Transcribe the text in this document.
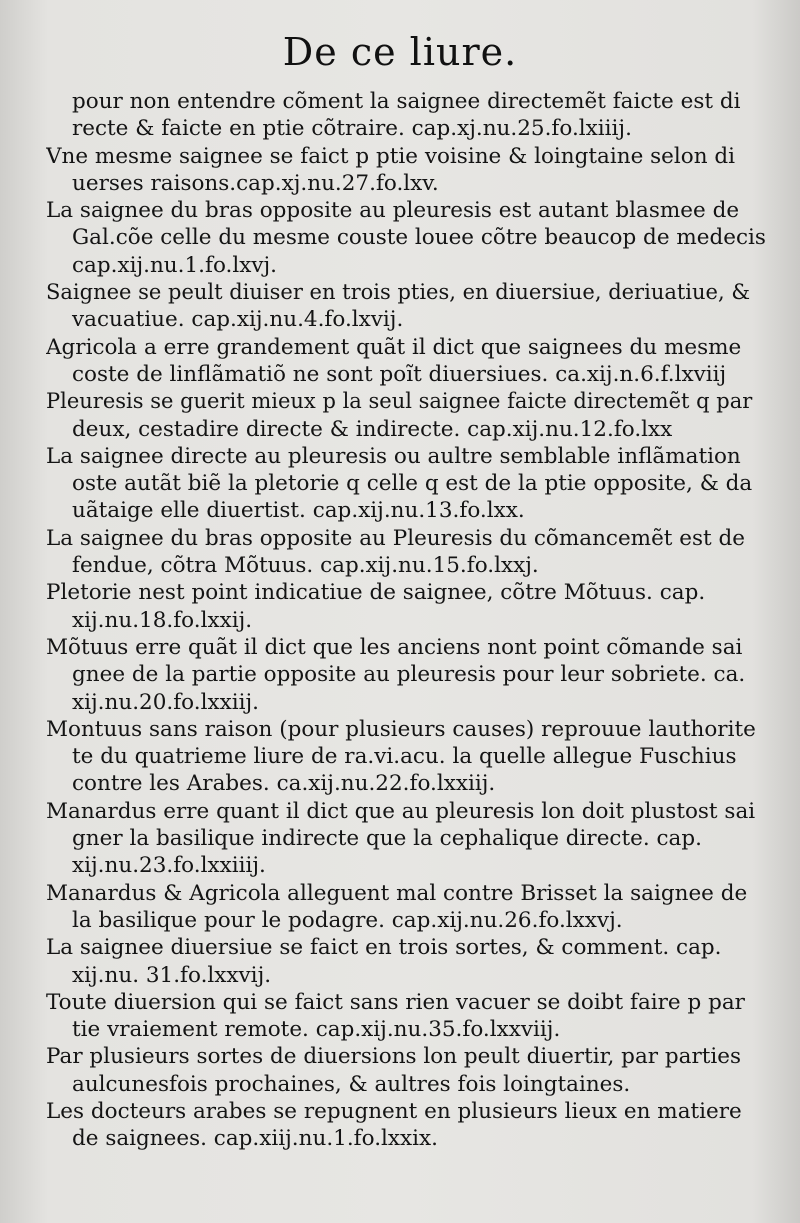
De ce liure.
pour non entendre cõment la saignee directemẽt faicte est di
recte & faicte en ptie cõtraire. cap.xj.nu.25.fo.lxiiij.
Vne mesme saignee se faict p ptie voisine & loingtaine selon di
uerses raisons.cap.xj.nu.27.fo.lxv.
La saignee du bras opposite au pleuresis est autant blasmee de
Gal.cõe celle du mesme couste louee cõtre beaucop de medecis
cap.xij.nu.1.fo.lxvj.
Saignee se peult diuiser en trois pties, en diuersiue, deriuatiue, &
vacuatiue. cap.xij.nu.4.fo.lxvij.
Agricola a erre grandement quãt il dict que saignees du mesme
coste de linflãmatiõ ne sont poĩt diuersiues. ca.xij.n.6.f.lxviij
Pleuresis se guerit mieux p la seul saignee faicte directemẽt q par
deux, cestadire directe & indirecte. cap.xij.nu.12.fo.lxx
La saignee directe au pleuresis ou aultre semblable inflãmation
oste autãt biẽ la pletorie q celle q est de la ptie opposite, & da
uãtaige elle diuertist. cap.xij.nu.13.fo.lxx.
La saignee du bras opposite au Pleuresis du cõmancemẽt est de
fendue, cõtra Mõtuus. cap.xij.nu.15.fo.lxxj.
Pletorie nest point indicatiue de saignee, cõtre Mõtuus. cap.
xij.nu.18.fo.lxxij.
Mõtuus erre quãt il dict que les anciens nont point cõmande sai
gnee de la partie opposite au pleuresis pour leur sobriete. ca.
xij.nu.20.fo.lxxiij.
Montuus sans raison (pour plusieurs causes) reprouue lauthorite
te du quatrieme liure de ra.vi.acu. la quelle allegue Fuschius
contre les Arabes. ca.xij.nu.22.fo.lxxiij.
Manardus erre quant il dict que au pleuresis lon doit plustost sai
gner la basilique indirecte que la cephalique directe. cap.
xij.nu.23.fo.lxxiiij.
Manardus & Agricola alleguent mal contre Brisset la saignee de
la basilique pour le podagre. cap.xij.nu.26.fo.lxxvj.
La saignee diuersiue se faict en trois sortes, & comment. cap.
xij.nu. 31.fo.lxxvij.
Toute diuersion qui se faict sans rien vacuer se doibt faire p par
tie vraiement remote. cap.xij.nu.35.fo.lxxviij.
Par plusieurs sortes de diuersions lon peult diuertir, par parties
aulcunesfois prochaines, & aultres fois loingtaines.
Les docteurs arabes se repugnent en plusieurs lieux en matiere
de saignees. cap.xiij.nu.1.fo.lxxix.
